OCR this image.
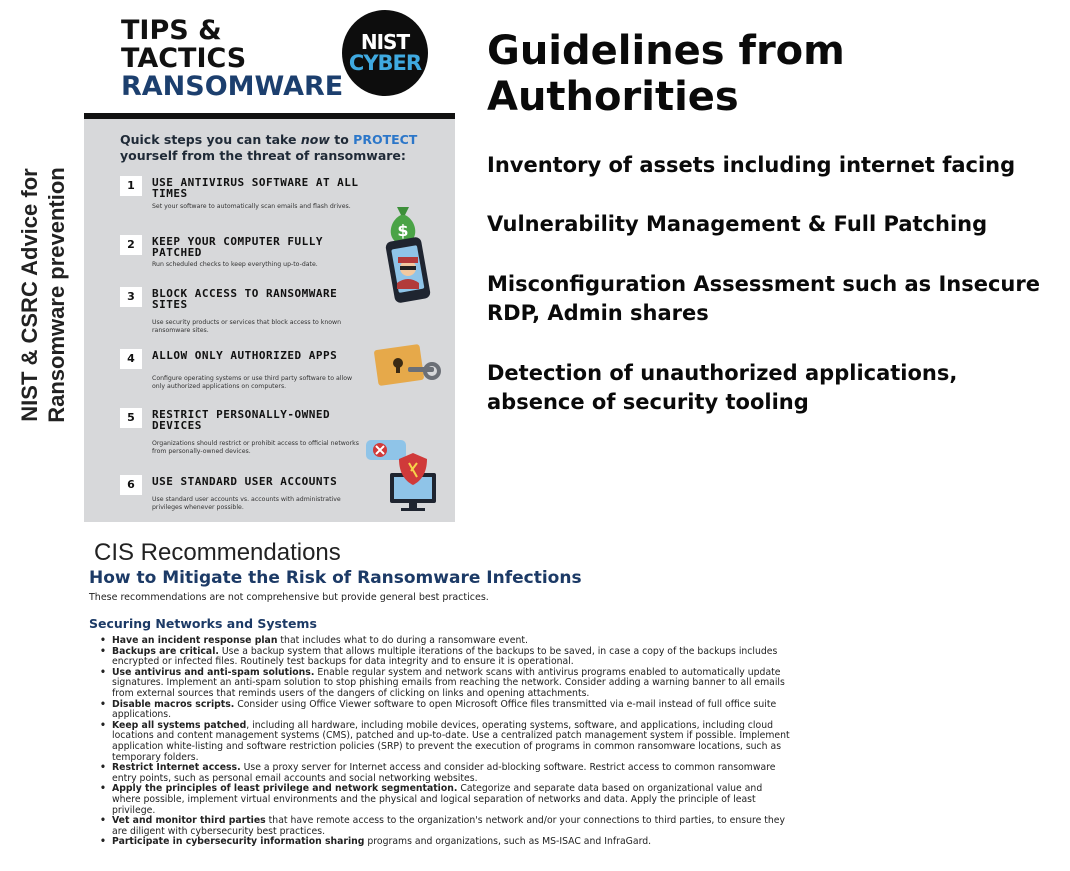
NIST & CSRC Advice for Ransomware prevention
TIPS &
TACTICS
RANSOMWARE
NIST
CYBER
Quick steps you can take now to PROTECT yourself from the threat of ransomware:
1	USE ANTIVIRUS SOFTWARE AT ALL TIMES
Set your software to automatically scan emails and flash drives.
2	KEEP YOUR COMPUTER FULLY PATCHED
Run scheduled checks to keep everything up-to-date.
3	BLOCK ACCESS TO RANSOMWARE SITES
Use security products or services that block access to known ransomware sites.
4	ALLOW ONLY AUTHORIZED APPS
Configure operating systems or use third party software to allow only authorized applications on computers.
5	RESTRICT PERSONALLY-OWNED DEVICES
Organizations should restrict or prohibit access to official networks from personally-owned devices.
6	USE STANDARD USER ACCOUNTS
Use standard user accounts vs. accounts with administrative privileges whenever possible.
$
Guidelines from Authorities
Inventory of assets including internet facing
Vulnerability Management & Full Patching
Misconfiguration Assessment such as Insecure RDP, Admin shares
Detection of unauthorized applications, absence of security tooling
CIS Recommendations
How to Mitigate the Risk of Ransomware Infections
These recommendations are not comprehensive but provide general best practices.
Securing Networks and Systems
• Have an incident response plan that includes what to do during a ransomware event.
• Backups are critical. Use a backup system that allows multiple iterations of the backups to be saved, in case a copy of the backups includes encrypted or infected files. Routinely test backups for data integrity and to ensure it is operational.
• Use antivirus and anti-spam solutions. Enable regular system and network scans with antivirus programs enabled to automatically update signatures. Implement an anti-spam solution to stop phishing emails from reaching the network. Consider adding a warning banner to all emails from external sources that reminds users of the dangers of clicking on links and opening attachments.
• Disable macros scripts. Consider using Office Viewer software to open Microsoft Office files transmitted via e-mail instead of full office suite applications.
• Keep all systems patched, including all hardware, including mobile devices, operating systems, software, and applications, including cloud locations and content management systems (CMS), patched and up-to-date. Use a centralized patch management system if possible. Implement application white-listing and software restriction policies (SRP) to prevent the execution of programs in common ransomware locations, such as temporary folders.
• Restrict Internet access. Use a proxy server for Internet access and consider ad-blocking software. Restrict access to common ransomware entry points, such as personal email accounts and social networking websites.
• Apply the principles of least privilege and network segmentation. Categorize and separate data based on organizational value and where possible, implement virtual environments and the physical and logical separation of networks and data. Apply the principle of least privilege.
• Vet and monitor third parties that have remote access to the organization's network and/or your connections to third parties, to ensure they are diligent with cybersecurity best practices.
• Participate in cybersecurity information sharing programs and organizations, such as MS-ISAC and InfraGard.
